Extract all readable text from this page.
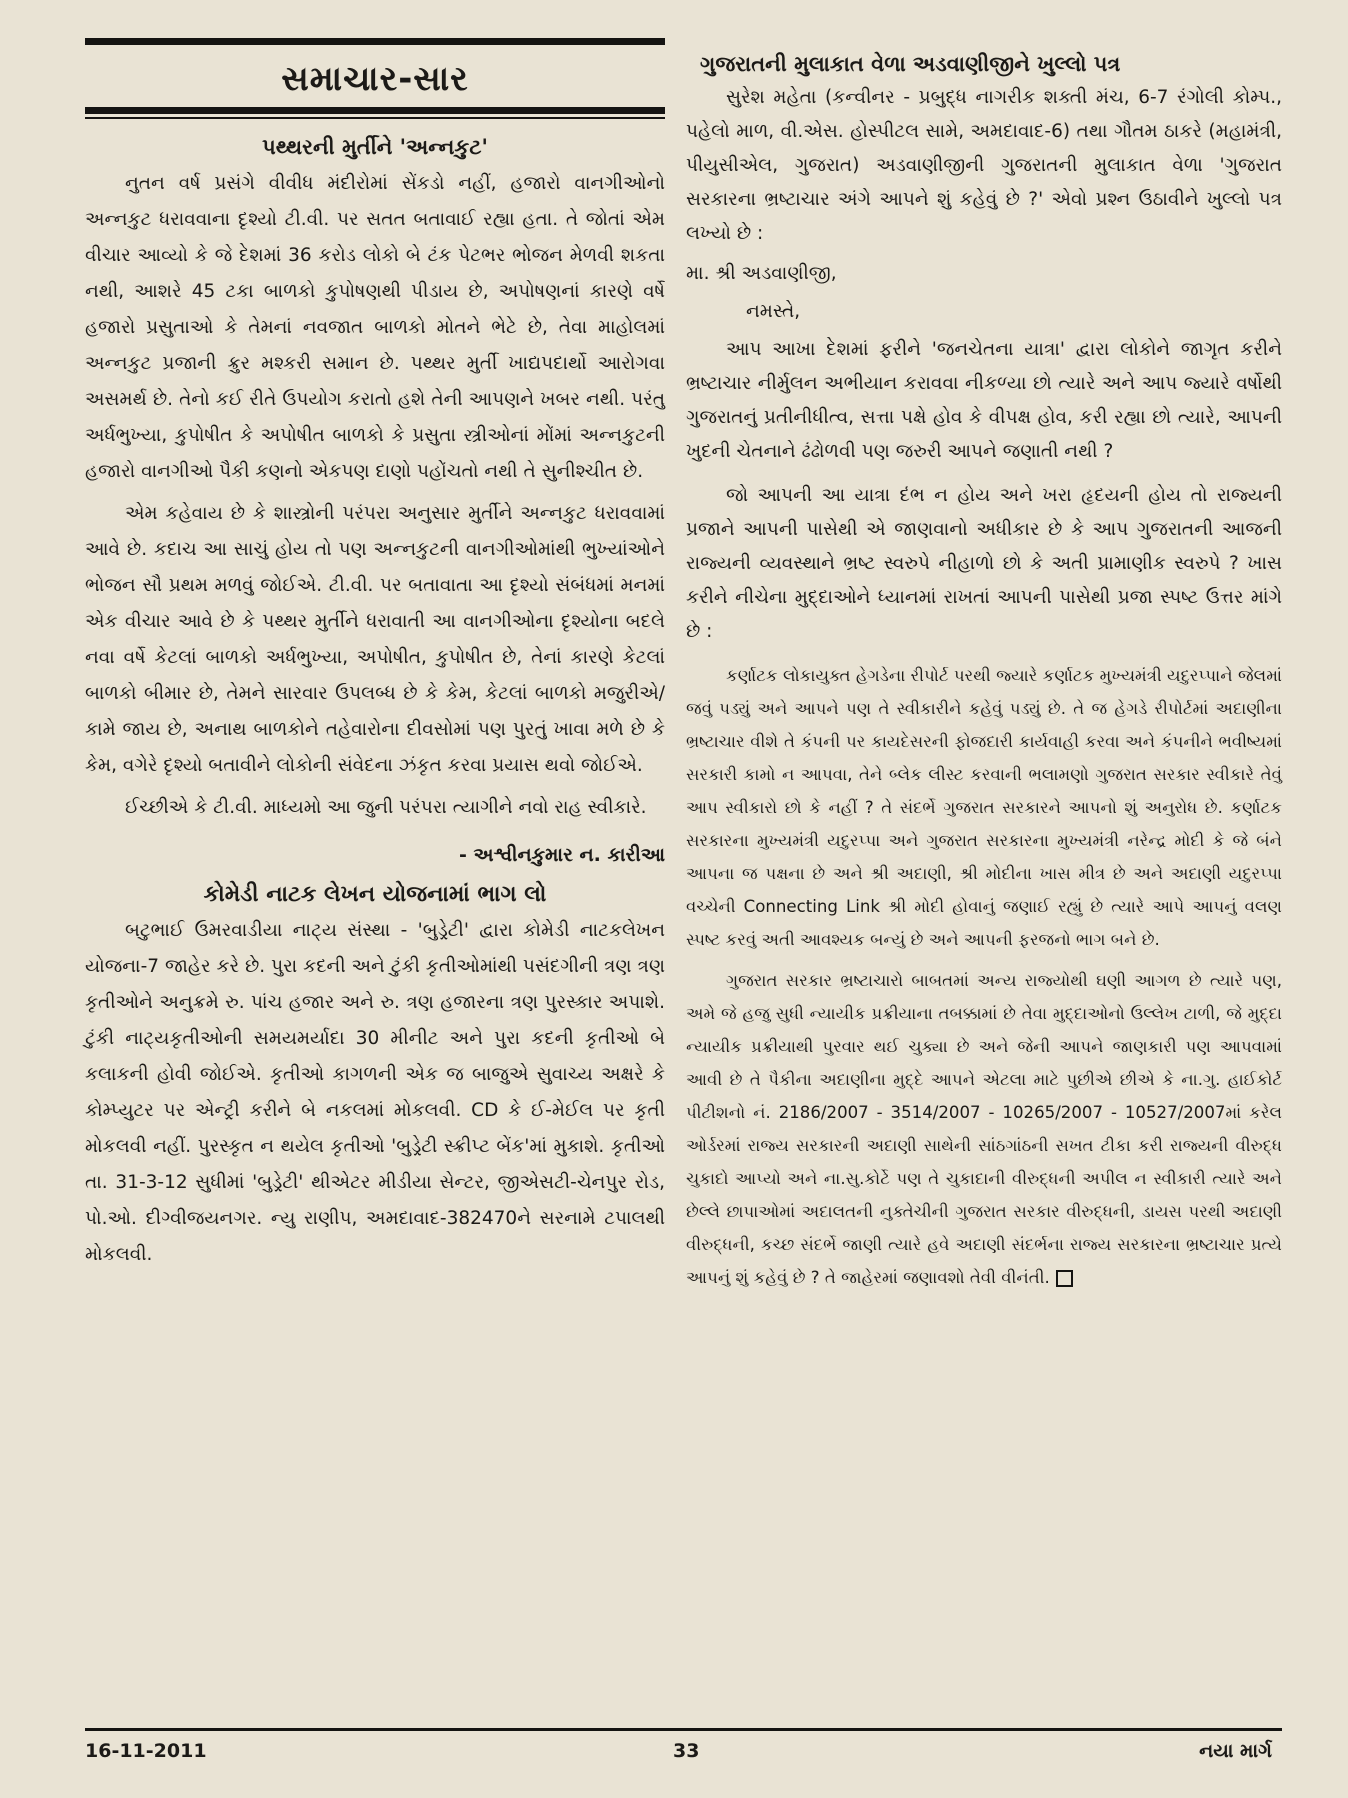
સમાચાર-સાર
પથ્થરની મુર્તીને 'અન્નકુટ'

નુતન વર્ષ પ્રસંગે વીવીધ મંદીરોમાં સેંકડો નહીં, હજારો વાનગીઓનો અન્નકુટ ધરાવવાના દૃશ્યો ટી.વી. પર સતત બતાવાઈ રહ્યા હતા. તે જોતાં એમ વીચાર આવ્યો કે જે દેશમાં 36 કરોડ લોકો બે ટંક પેટભર ભોજન મેળવી શકતા નથી, આશરે 45 ટકા બાળકો કુપોષણથી પીડાય છે, અપોષણનાં કારણે વર્ષે હજારો પ્રસુતાઓ કે તેમનાં નવજાત બાળકો મોતને ભેટે છે, તેવા માહોલમાં અન્નકુટ પ્રજાની ક્રુર મશ્કરી સમાન છે. પથ્થર મુર્તી ખાદ્યપદાર્થો આરોગવા અસમર્થ છે. તેનો કઈ રીતે ઉપયોગ કરાતો હશે તેની આપણને ખબર નથી. પરંતુ અર્ધભુખ્યા, કુપોષીત કે અપોષીત બાળકો કે પ્રસુતા સ્ત્રીઓનાં મોંમાં અન્નકુટની હજારો વાનગીઓ પૈકી કણનો એકપણ દાણો પહોંચતો નથી તે સુનીશ્ચીત છે.

એમ કહેવાય છે કે શાસ્ત્રોની પરંપરા અનુસાર મુર્તીને અન્નકુટ ધરાવવામાં આવે છે. કદાચ આ સાચું હોય તો પણ અન્નકુટની વાનગીઓમાંથી ભુખ્યાંઓને ભોજન સૌ પ્રથમ મળવું જોઈએ. ટી.વી. પર બતાવાતા આ દૃશ્યો સંબંધમાં મનમાં એક વીચાર આવે છે કે પથ્થર મુર્તીને ધરાવાતી આ વાનગીઓના દૃશ્યોના બદલે નવા વર્ષે કેટલાં બાળકો અર્ધભુખ્યા, અપોષીત, કુપોષીત છે, તેનાં કારણે કેટલાં બાળકો બીમાર છે, તેમને સારવાર ઉપલબ્ધ છે કે કેમ, કેટલાં બાળકો મજુરીએ/ કામે જાય છે, અનાથ બાળકોને તહેવારોના દીવસોમાં પણ પુરતું ખાવા મળે છે કે કેમ, વગેરે દૃશ્યો બતાવીને લોકોની સંવેદના ઝંકૃત કરવા પ્રયાસ થવો જોઈએ.

ઈચ્છીએ કે ટી.વી. માધ્યમો આ જુની પરંપરા ત્યાગીને નવો રાહ સ્વીકારે.

- અશ્વીનકુમાર ન. કારીઆ
કોમેડી નાટક લેખન યોજનામાં ભાગ લો

બટુભાઈ ઉમરવાડીયા નાટ્ય સંસ્થા - 'બુડ્રેટી' દ્વારા કોમેડી નાટકલેખન યોજના-7 જાહેર કરે છે. પુરા કદની અને ટુંકી કૃતીઓમાંથી પસંદગીની ત્રણ ત્રણ કૃતીઓને અનુક્રમે રુ. પાંચ હજાર અને રુ. ત્રણ હજારના ત્રણ પુરસ્કાર અપાશે. ટુંકી નાટ્યકૃતીઓની સમયમર્યાદા 30 મીનીટ અને પુરા કદની કૃતીઓ બે કલાકની હોવી જોઈએ. કૃતીઓ કાગળની એક જ બાજુએ સુવાચ્ય અક્ષરે કે કોમ્પ્યુટર પર એન્ટ્રી કરીને બે નકલમાં મોકલવી. CD કે ઈ-મેઈલ પર કૃતી મોકલવી નહીં. પુરસ્કૃત ન થયેલ કૃતીઓ 'બુડ્રેટી સ્ક્રીપ્ટ બેંક'માં મુકાશે. કૃતીઓ તા. 31-3-12 સુધીમાં 'બુડ્રેટી' થીએટર મીડીયા સેન્ટર, જીએસટી-ચેનપુર રોડ, પો.ઓ. દીગ્વીજયનગર. ન્યુ રાણીપ, અમદાવાદ-382470ને સરનામે ટપાલથી મોકલવી.

ગુજરાતની મુલાકાત વેળા અડવાણીજીને ખુલ્લો પત્ર

સુરેશ મહેતા (કન્વીનર - પ્રબુદ્ધ નાગરીક શક્તી મંચ, 6-7 રંગોલી કોમ્પ., પહેલો માળ, વી.એસ. હોસ્પીટલ સામે, અમદાવાદ-6) તથા ગૌતમ ઠાકરે (મહામંત્રી, પીયુસીએલ, ગુજરાત) અડવાણીજીની ગુજરાતની મુલાકાત વેળા 'ગુજરાત સરકારના ભ્રષ્ટાચાર અંગે આપને શું કહેવું છે ?' એવો પ્રશ્ન ઉઠાવીને ખુલ્લો પત્ર લખ્યો છે :

મા. શ્રી અડવાણીજી,

નમસ્તે,

આપ આખા દેશમાં ફરીને 'જનચેતના યાત્રા' દ્વારા લોકોને જાગૃત કરીને ભ્રષ્ટાચાર નીર્મુલન અભીયાન કરાવવા નીકળ્યા છો ત્યારે અને આપ જ્યારે વર્ષોથી ગુજરાતનું પ્રતીનીધીત્વ, સત્તા પક્ષે હોવ કે વીપક્ષ હોવ, કરી રહ્યા છો ત્યારે, આપની ખુદની ચેતનાને ઢંઢોળવી પણ જરુરી આપને જણાતી નથી ?

જો આપની આ યાત્રા દંભ ન હોય અને ખરા હૃદયની હોય તો રાજ્યની પ્રજાને આપની પાસેથી એ જાણવાનો અધીકાર છે કે આપ ગુજરાતની આજની રાજ્યની વ્યવસ્થાને ભ્રષ્ટ સ્વરુપે નીહાળો છો કે અતી પ્રામાણીક સ્વરુપે ? ખાસ કરીને નીચેના મુદ્દાઓને ધ્યાનમાં રાખતાં આપની પાસેથી પ્રજા સ્પષ્ટ ઉત્તર માંગે છે :

કર્ણાટક લોકાયુક્ત હેગડેના રીપોર્ટ પરથી જ્યારે કર્ણાટક મુખ્યમંત્રી યદુરપ્પાને જેલમાં જવું પડ્યું અને આપને પણ તે સ્વીકારીને કહેવું પડ્યું છે. તે જ હેગડે રીપોર્ટમાં અદાણીના ભ્રષ્ટાચાર વીશે તે કંપની પર કાયદેસરની ફોજદારી કાર્યવાહી કરવા અને કંપનીને ભવીષ્યમાં સરકારી કામો ન આપવા, તેને બ્લેક લીસ્ટ કરવાની ભલામણો ગુજરાત સરકાર સ્વીકારે તેવું આપ સ્વીકારો છો કે નહીં ? તે સંદર્ભે ગુજરાત સરકારને આપનો શું અનુરોધ છે. કર્ણાટક સરકારના મુખ્યમંત્રી યદુરપ્પા અને ગુજરાત સરકારના મુખ્યમંત્રી નરેન્દ્ર મોદી કે જે બંને આપના જ પક્ષના છે અને શ્રી અદાણી, શ્રી મોદીના ખાસ મીત્ર છે અને અદાણી યદુરપ્પા વચ્ચેની Connecting Link શ્રી મોદી હોવાનું જણાઈ રહ્યું છે ત્યારે આપે આપનું વલણ સ્પષ્ટ કરવું અતી આવશ્યક બન્યું છે અને આપની ફરજનો ભાગ બને છે.

ગુજરાત સરકાર ભ્રષ્ટાચારો બાબતમાં અન્ય રાજ્યોથી ઘણી આગળ છે ત્યારે પણ, અમે જે હજુ સુધી ન્યાયીક પ્રક્રીયાના તબક્કામાં છે તેવા મુદ્દાઓનો ઉલ્લેખ ટાળી, જે મુદ્દા ન્યાયીક પ્રક્રીયાથી પુરવાર થઈ ચુક્યા છે અને જેની આપને જાણકારી પણ આપવામાં આવી છે તે પૈકીના અદાણીના મુદ્દે આપને એટલા માટે પુછીએ છીએ કે ના.ગુ. હાઈકોર્ટ પીટીશનો નં. 2186/2007 - 3514/2007 - 10265/2007 - 10527/2007માં કરેલ ઓર્ડરમાં રાજ્ય સરકારની અદાણી સાથેની સાંઠગાંઠની સખત ટીકા કરી રાજ્યની વીરુદ્ધ ચુકાદો આપ્યો અને ના.સુ.કોર્ટે પણ તે ચુકાદાની વીરુદ્ધની અપીલ ન સ્વીકારી ત્યારે અને છેલ્લે છાપાઓમાં અદાલતની નુક્તેચીની ગુજરાત સરકાર વીરુદ્ધની, ડાયસ પરથી અદાણી વીરુદ્ધની, કચ્છ સંદર્ભે જાણી ત્યારે હવે અદાણી સંદર્ભના રાજ્ય સરકારના ભ્રષ્ટાચાર પ્રત્યે આપનું શું કહેવું છે ? તે જાહેરમાં જણાવશો તેવી વીનંતી.

16-11-2011	33	નયા માર્ગ
